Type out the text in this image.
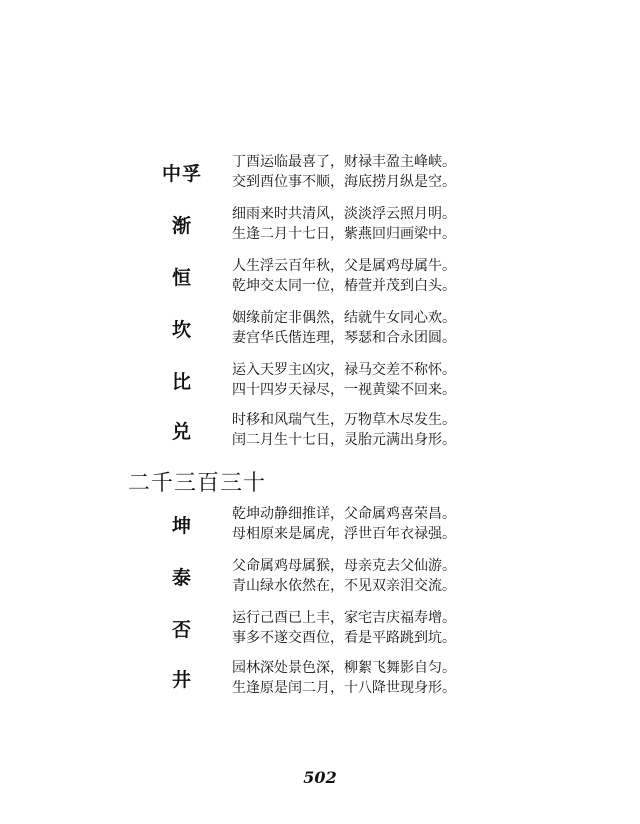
中孚
丁酉运临最喜了，财禄丰盈主峰峡。
交到酉位事不顺，海底捞月纵是空。
渐
细雨来时共清风，淡淡浮云照月明。
生逢二月十七日，紫燕回归画梁中。
恒
人生浮云百年秋，父是属鸡母属牛。
乾坤交太同一位，椿萱并茂到白头。
坎
姻缘前定非偶然，结就牛女同心欢。
妻宫华氏偕连理，琴瑟和合永团圆。
比
运入天罗主凶灾，禄马交差不称怀。
四十四岁天禄尽，一视黄粱不回来。
兑
时移和风瑞气生，万物草木尽发生。
闰二月生十七日，灵胎元满出身形。
二千三百三十
坤
乾坤动静细推详，父命属鸡喜荣昌。
母相原来是属虎，浮世百年衣禄强。
泰
父命属鸡母属猴，母亲克去父仙游。
青山绿水依然在，不见双亲泪交流。
否
运行己酉已上丰，家宅吉庆福寿增。
事多不遂交酉位，看是平路跳到坑。
井
园林深处景色深，柳絮飞舞影自匀。
生逢原是闰二月，十八降世现身形。
502
